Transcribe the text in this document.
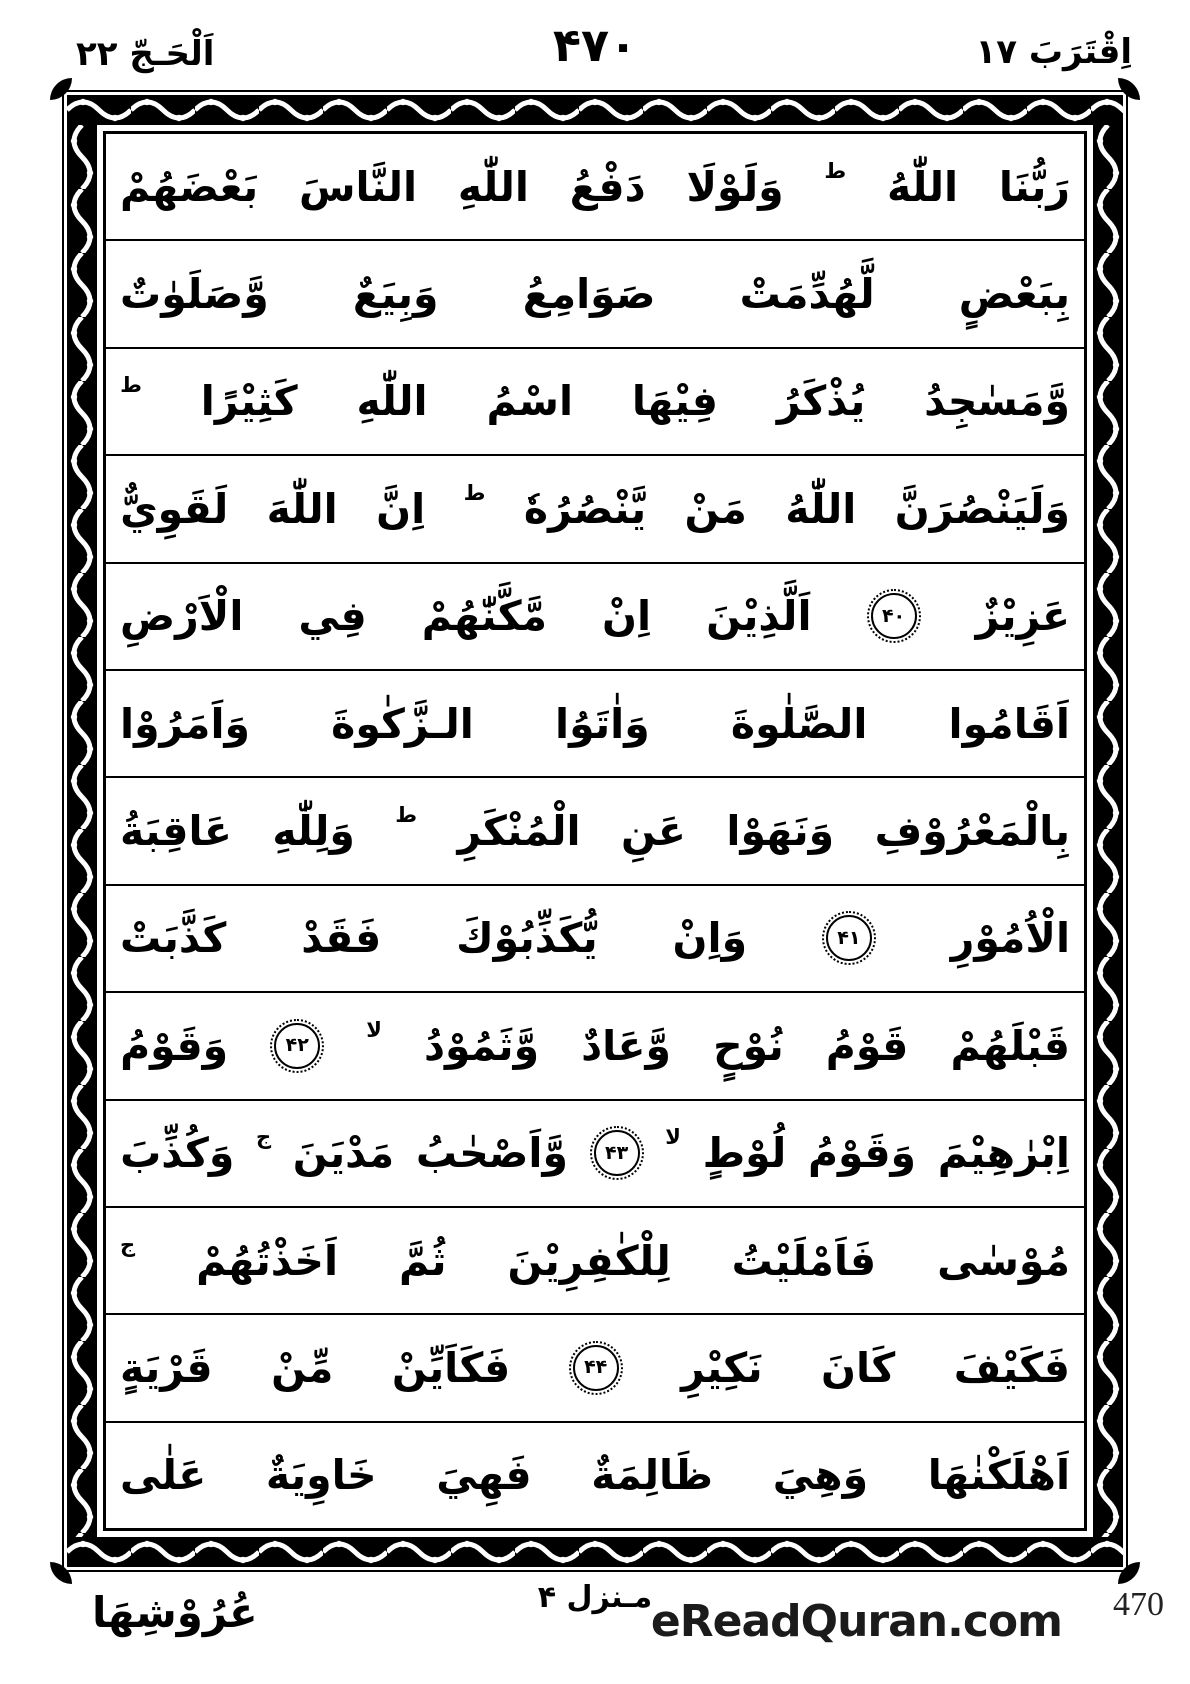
اَلْحَـجّ ٢٢	۴۷۰	اِقْتَرَبَ ١٧
رَبُّنَا
اللّٰهُ
ط
وَلَوْلَا
دَفْعُ
اللّٰهِ
النَّاسَ
بَعْضَهُمْ
بِبَعْضٍ
لَّهُدِّمَتْ
صَوَامِعُ
وَبِيَعٌ
وَّصَلَوٰتٌ
وَّمَسٰجِدُ
يُذْكَرُ
فِيْهَا
اسْمُ
اللّٰهِ
كَثِيْرًا
ط
وَلَيَنْصُرَنَّ
اللّٰهُ
مَنْ
يَّنْصُرُهٗ
ط
اِنَّ
اللّٰهَ
لَقَوِيٌّ
عَزِيْزٌ
۴۰
اَلَّذِيْنَ
اِنْ
مَّكَّنّٰهُمْ
فِي
الْاَرْضِ
اَقَامُوا
الصَّلٰوةَ
وَاٰتَوُا
الـزَّكٰوةَ
وَاَمَرُوْا
بِالْمَعْرُوْفِ
وَنَهَوْا
عَنِ
الْمُنْكَرِ
ط
وَلِلّٰهِ
عَاقِبَةُ
الْاُمُوْرِ
۴۱
وَاِنْ
يُّكَذِّبُوْكَ
فَقَدْ
كَذَّبَتْ
قَبْلَهُمْ
قَوْمُ
نُوْحٍ
وَّعَادٌ
وَّثَمُوْدُ
لا
۴۲
وَقَوْمُ
اِبْرٰهِيْمَ
وَقَوْمُ
لُوْطٍ
لا
۴۳
وَّاَصْحٰبُ
مَدْيَنَ
ج
وَكُذِّبَ
مُوْسٰى
فَاَمْلَيْتُ
لِلْكٰفِرِيْنَ
ثُمَّ
اَخَذْتُهُمْ
ج
فَكَيْفَ
كَانَ
نَكِيْرِ
۴۴
فَكَاَيِّنْ
مِّنْ
قَرْيَةٍ
اَهْلَكْنٰهَا
وَهِيَ
ظَالِمَةٌ
فَهِيَ
خَاوِيَةٌ
عَلٰى
عُرُوْشِهَا	مـنزل ۴
eReadQuran.com 470
